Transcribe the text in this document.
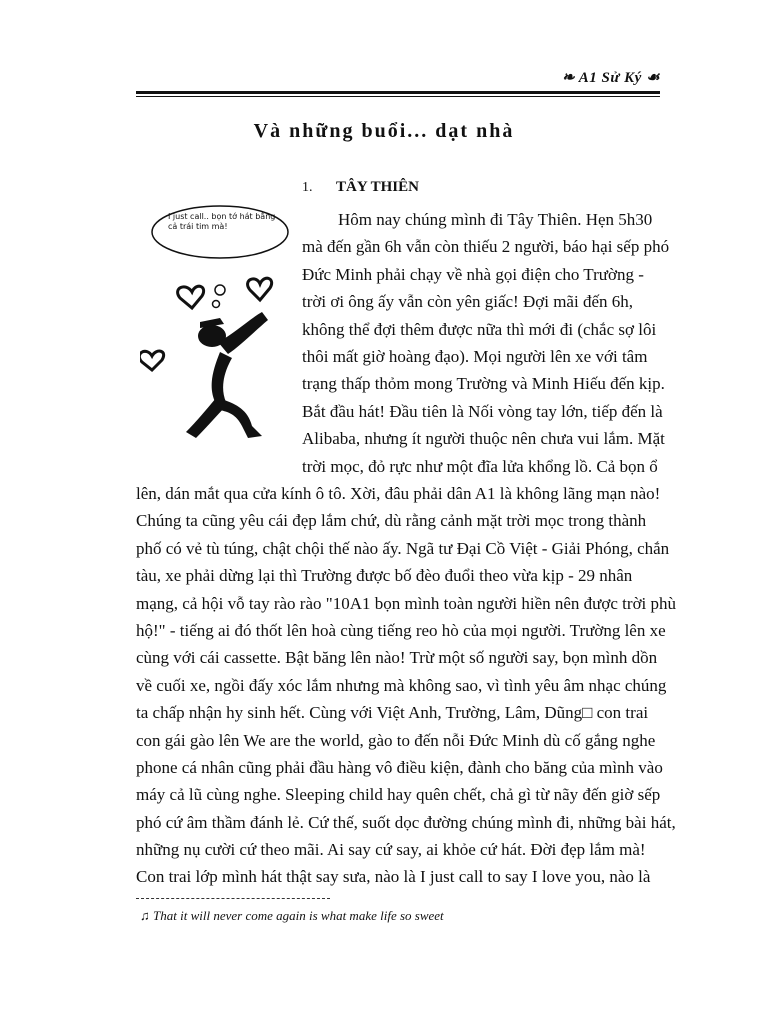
❧ A1 Sử Ký ☙
Và những buổi... dạt nhà
1. TÂY THIÊN
I just call.. bọn tớ hát bằng cả trái tim mà!	Hôm nay chúng mình đi Tây Thiên. Hẹn 5h30
mà đến gần 6h vẫn còn thiếu 2 người, báo hại sếp phó
Đức Minh phải chạy về nhà gọi điện cho Trường -
trời ơi ông ấy vẫn còn yên giấc! Đợi mãi đến 6h,
không thể đợi thêm được nữa thì mới đi (chắc sợ lôi
thôi mất giờ hoàng đạo). Mọi người lên xe với tâm
trạng thấp thỏm mong Trường và Minh Hiếu đến kịp.
Bắt đầu hát! Đầu tiên là Nối vòng tay lớn, tiếp đến là
Alibaba, nhưng ít người thuộc nên chưa vui lắm. Mặt
trời mọc, đỏ rực như một đĩa lửa khổng lồ. Cả bọn ổ
lên, dán mắt qua cửa kính ô tô. Xời, đâu phải dân A1 là không lãng mạn nào!
Chúng ta cũng yêu cái đẹp lắm chứ, dù rằng cảnh mặt trời mọc trong thành
phố có vẻ tù túng, chật chội thế nào ấy. Ngã tư Đại Cồ Việt - Giải Phóng, chắn
tàu, xe phải dừng lại thì Trường được bố đèo đuổi theo vừa kịp - 29 nhân
mạng, cả hội vỗ tay rào rào "10A1 bọn mình toàn người hiền nên được trời phù
hộ!" - tiếng ai đó thốt lên hoà cùng tiếng reo hò của mọi người. Trường lên xe
cùng với cái cassette. Bật băng lên nào! Trừ một số người say, bọn mình dồn
về cuối xe, ngồi đấy xóc lắm nhưng mà không sao, vì tình yêu âm nhạc chúng
ta chấp nhận hy sinh hết. Cùng với Việt Anh, Trường, Lâm, Dũng□ con trai
con gái gào lên We are the world, gào to đến nỗi Đức Minh dù cố gắng nghe
phone cá nhân cũng phải đầu hàng vô điều kiện, đành cho băng của mình vào
máy cả lũ cùng nghe. Sleeping child hay quên chết, chả gì từ nãy đến giờ sếp
phó cứ âm thầm đánh lẻ. Cứ thế, suốt dọc đường chúng mình đi, những bài hát,
những nụ cười cứ theo mãi. Ai say cứ say, ai khỏe cứ hát. Đời đẹp lắm mà!
Con trai lớp mình hát thật say sưa, nào là I just call to say I love you, nào là
♫ That it will never come again is what make life so sweet
